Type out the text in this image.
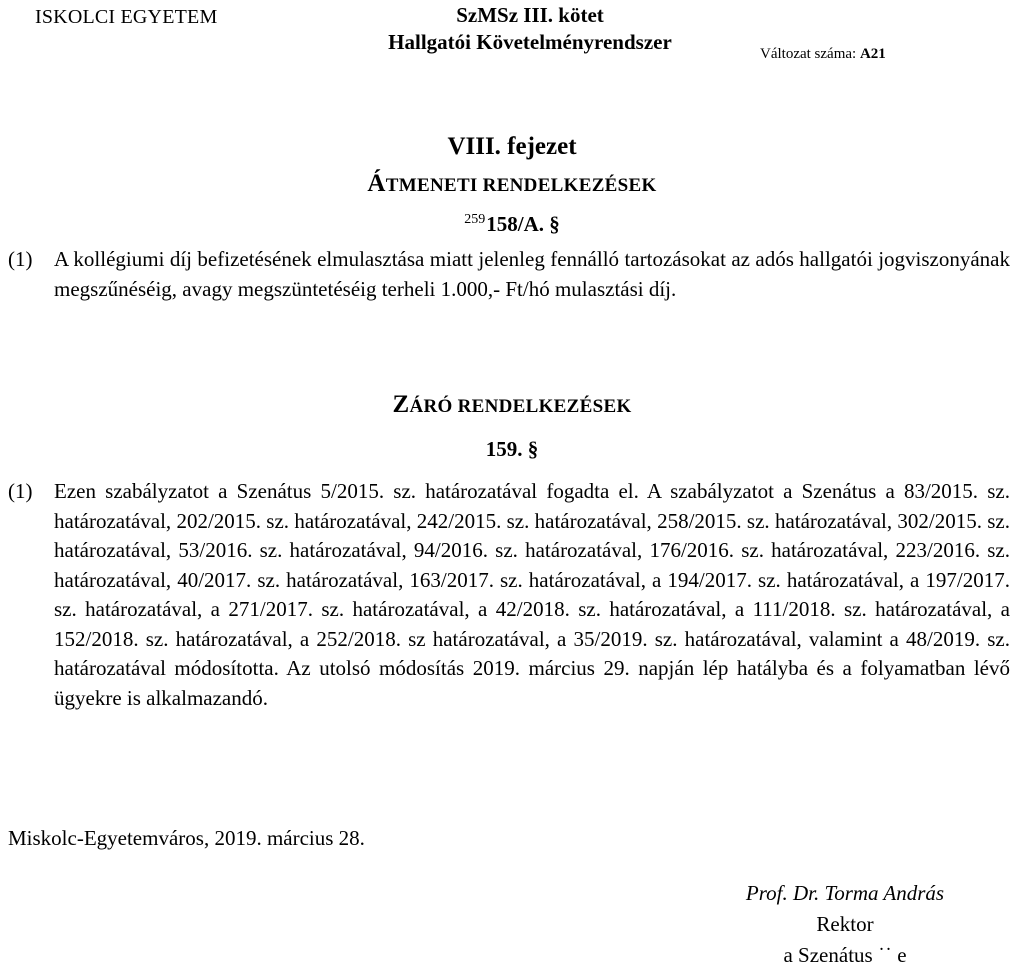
ISKOLCI EGYETEM	SzMSz III. kötet
Hallgatói Követelményrendszer	Változat száma: A21
VIII. fejezet
ÁTMENETI RENDELKEZÉSEK
$^{259}$158/A. §
(1) A kollégiumi díj befizetésének elmulasztása miatt jelenleg fennálló tartozásokat az adós hallgatói jogviszonyának megszűnéséig, avagy megszüntetéséig terheli 1.000,- Ft/hó mulasztási díj.
ZÁRÓ RENDELKEZÉSEK
159. §
(1) Ezen szabályzatot a Szenátus 5/2015. sz. határozatával fogadta el. A szabályzatot a Szenátus a 83/2015. sz. határozatával, 202/2015. sz. határozatával, 242/2015. sz. határozatával, 258/2015. sz. határozatával, 302/2015. sz. határozatával, 53/2016. sz. határozatával, 94/2016. sz. határozatával, 176/2016. sz. határozatával, 223/2016. sz. határozatával, 40/2017. sz. határozatával, 163/2017. sz. határozatával, a 194/2017. sz. határozatával, a 197/2017. sz. határozatával, a 271/2017. sz. határozatával, a 42/2018. sz. határozatával, a 111/2018. sz. határozatával, a 152/2018. sz. határozatával, a 252/2018. sz határozatával, a 35/2019. sz. határozatával, valamint a 48/2019. sz. határozatával módosította. Az utolsó módosítás 2019. március 29. napján lép hatályba és a folyamatban lévő ügyekre is alkalmazandó.
Miskolc-Egyetemváros, 2019. március 28.
Prof. Dr. Torma András
Rektor
a Szenátus ˙˙ e
